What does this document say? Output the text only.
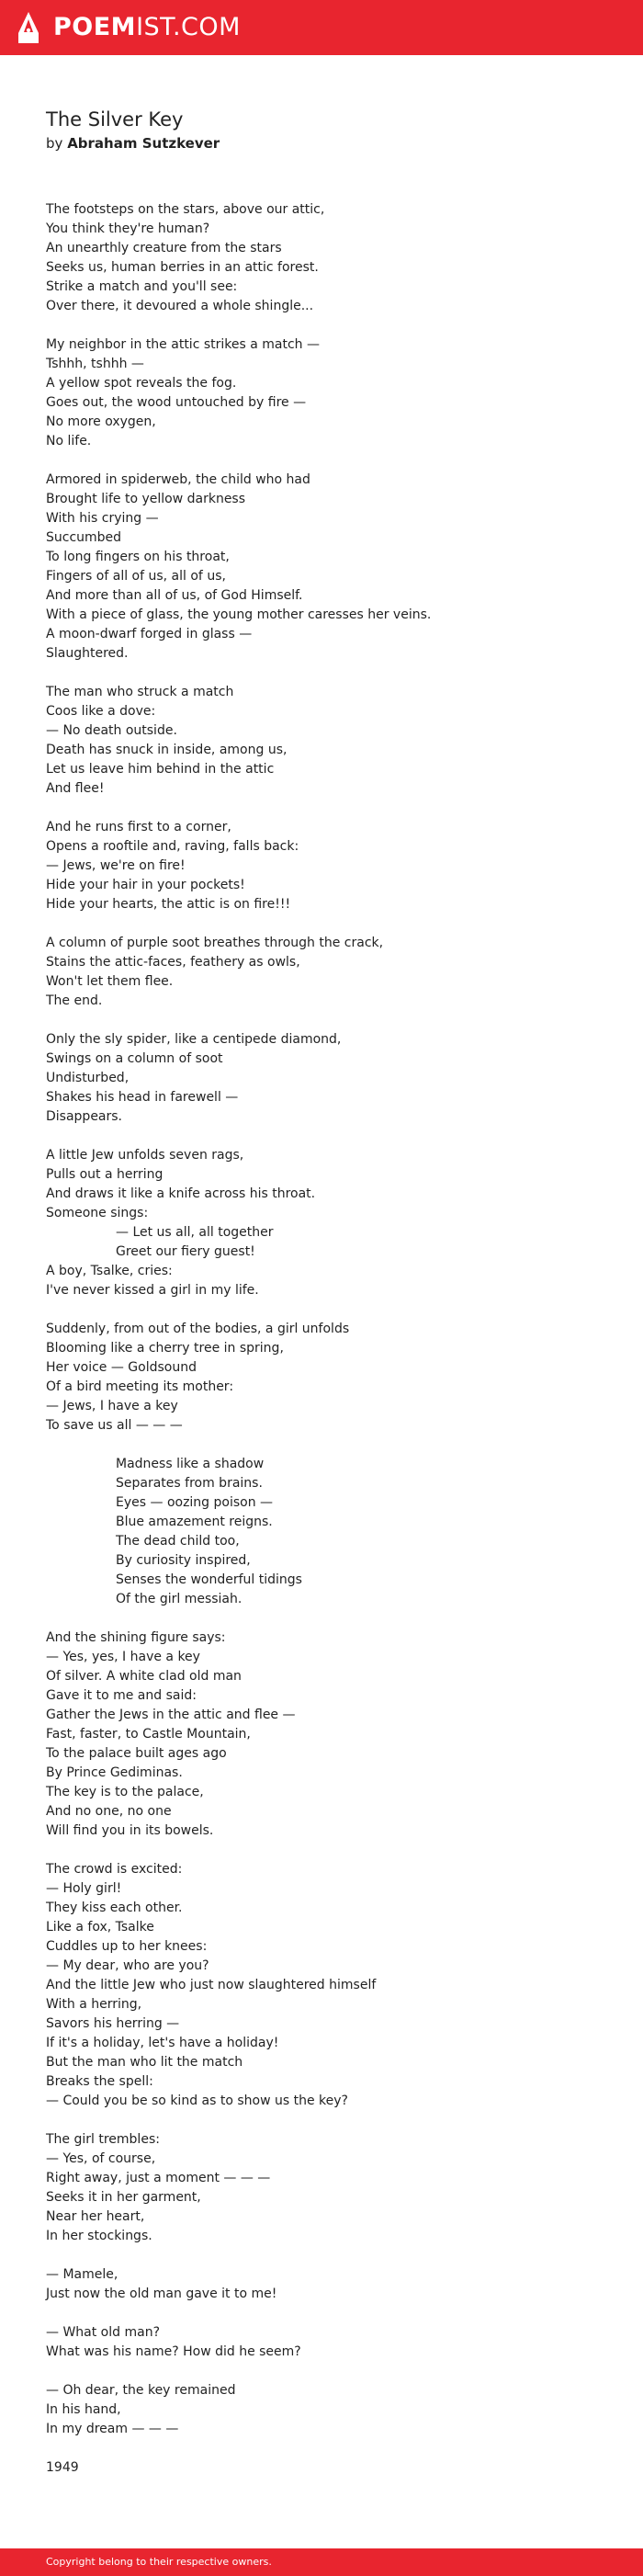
POEMIST.COM
The Silver Key
by Abraham Sutzkever
The footsteps on the stars, above our attic,
You think they're human?
An unearthly creature from the stars
Seeks us, human berries in an attic forest.
Strike a match and you'll see:
Over there, it devoured a whole shingle...
My neighbor in the attic strikes a match —
Tshhh, tshhh —
A yellow spot reveals the fog.
Goes out, the wood untouched by fire —
No more oxygen,
No life.
Armored in spiderweb, the child who had
Brought life to yellow darkness
With his crying —
Succumbed
To long fingers on his throat,
Fingers of all of us, all of us,
And more than all of us, of God Himself.
With a piece of glass, the young mother caresses her veins.
A moon-dwarf forged in glass —
Slaughtered.
The man who struck a match
Coos like a dove:
— No death outside.
Death has snuck in inside, among us,
Let us leave him behind in the attic
And flee!
And he runs first to a corner,
Opens a rooftile and, raving, falls back:
— Jews, we're on fire!
Hide your hair in your pockets!
Hide your hearts, the attic is on fire!!!
A column of purple soot breathes through the crack,
Stains the attic-faces, feathery as owls,
Won't let them flee.
The end.
Only the sly spider, like a centipede diamond,
Swings on a column of soot
Undisturbed,
Shakes his head in farewell —
Disappears.
A little Jew unfolds seven rags,
Pulls out a herring
And draws it like a knife across his throat.
Someone sings:
— Let us all, all together
Greet our fiery guest!
A boy, Tsalke, cries:
I've never kissed a girl in my life.
Suddenly, from out of the bodies, a girl unfolds
Blooming like a cherry tree in spring,
Her voice — Goldsound
Of a bird meeting its mother:
— Jews, I have a key
To save us all — — —
Madness like a shadow
Separates from brains.
Eyes — oozing poison —
Blue amazement reigns.
The dead child too,
By curiosity inspired,
Senses the wonderful tidings
Of the girl messiah.
And the shining figure says:
— Yes, yes, I have a key
Of silver. A white clad old man
Gave it to me and said:
Gather the Jews in the attic and flee —
Fast, faster, to Castle Mountain,
To the palace built ages ago
By Prince Gediminas.
The key is to the palace,
And no one, no one
Will find you in its bowels.
The crowd is excited:
— Holy girl!
They kiss each other.
Like a fox, Tsalke
Cuddles up to her knees:
— My dear, who are you?
And the little Jew who just now slaughtered himself
With a herring,
Savors his herring —
If it's a holiday, let's have a holiday!
But the man who lit the match
Breaks the spell:
— Could you be so kind as to show us the key?
The girl trembles:
— Yes, of course,
Right away, just a moment — — —
Seeks it in her garment,
Near her heart,
In her stockings.
— Mamele,
Just now the old man gave it to me!
— What old man?
What was his name? How did he seem?
— Oh dear, the key remained
In his hand,
In my dream — — —
1949
Copyright belong to their respective owners.
